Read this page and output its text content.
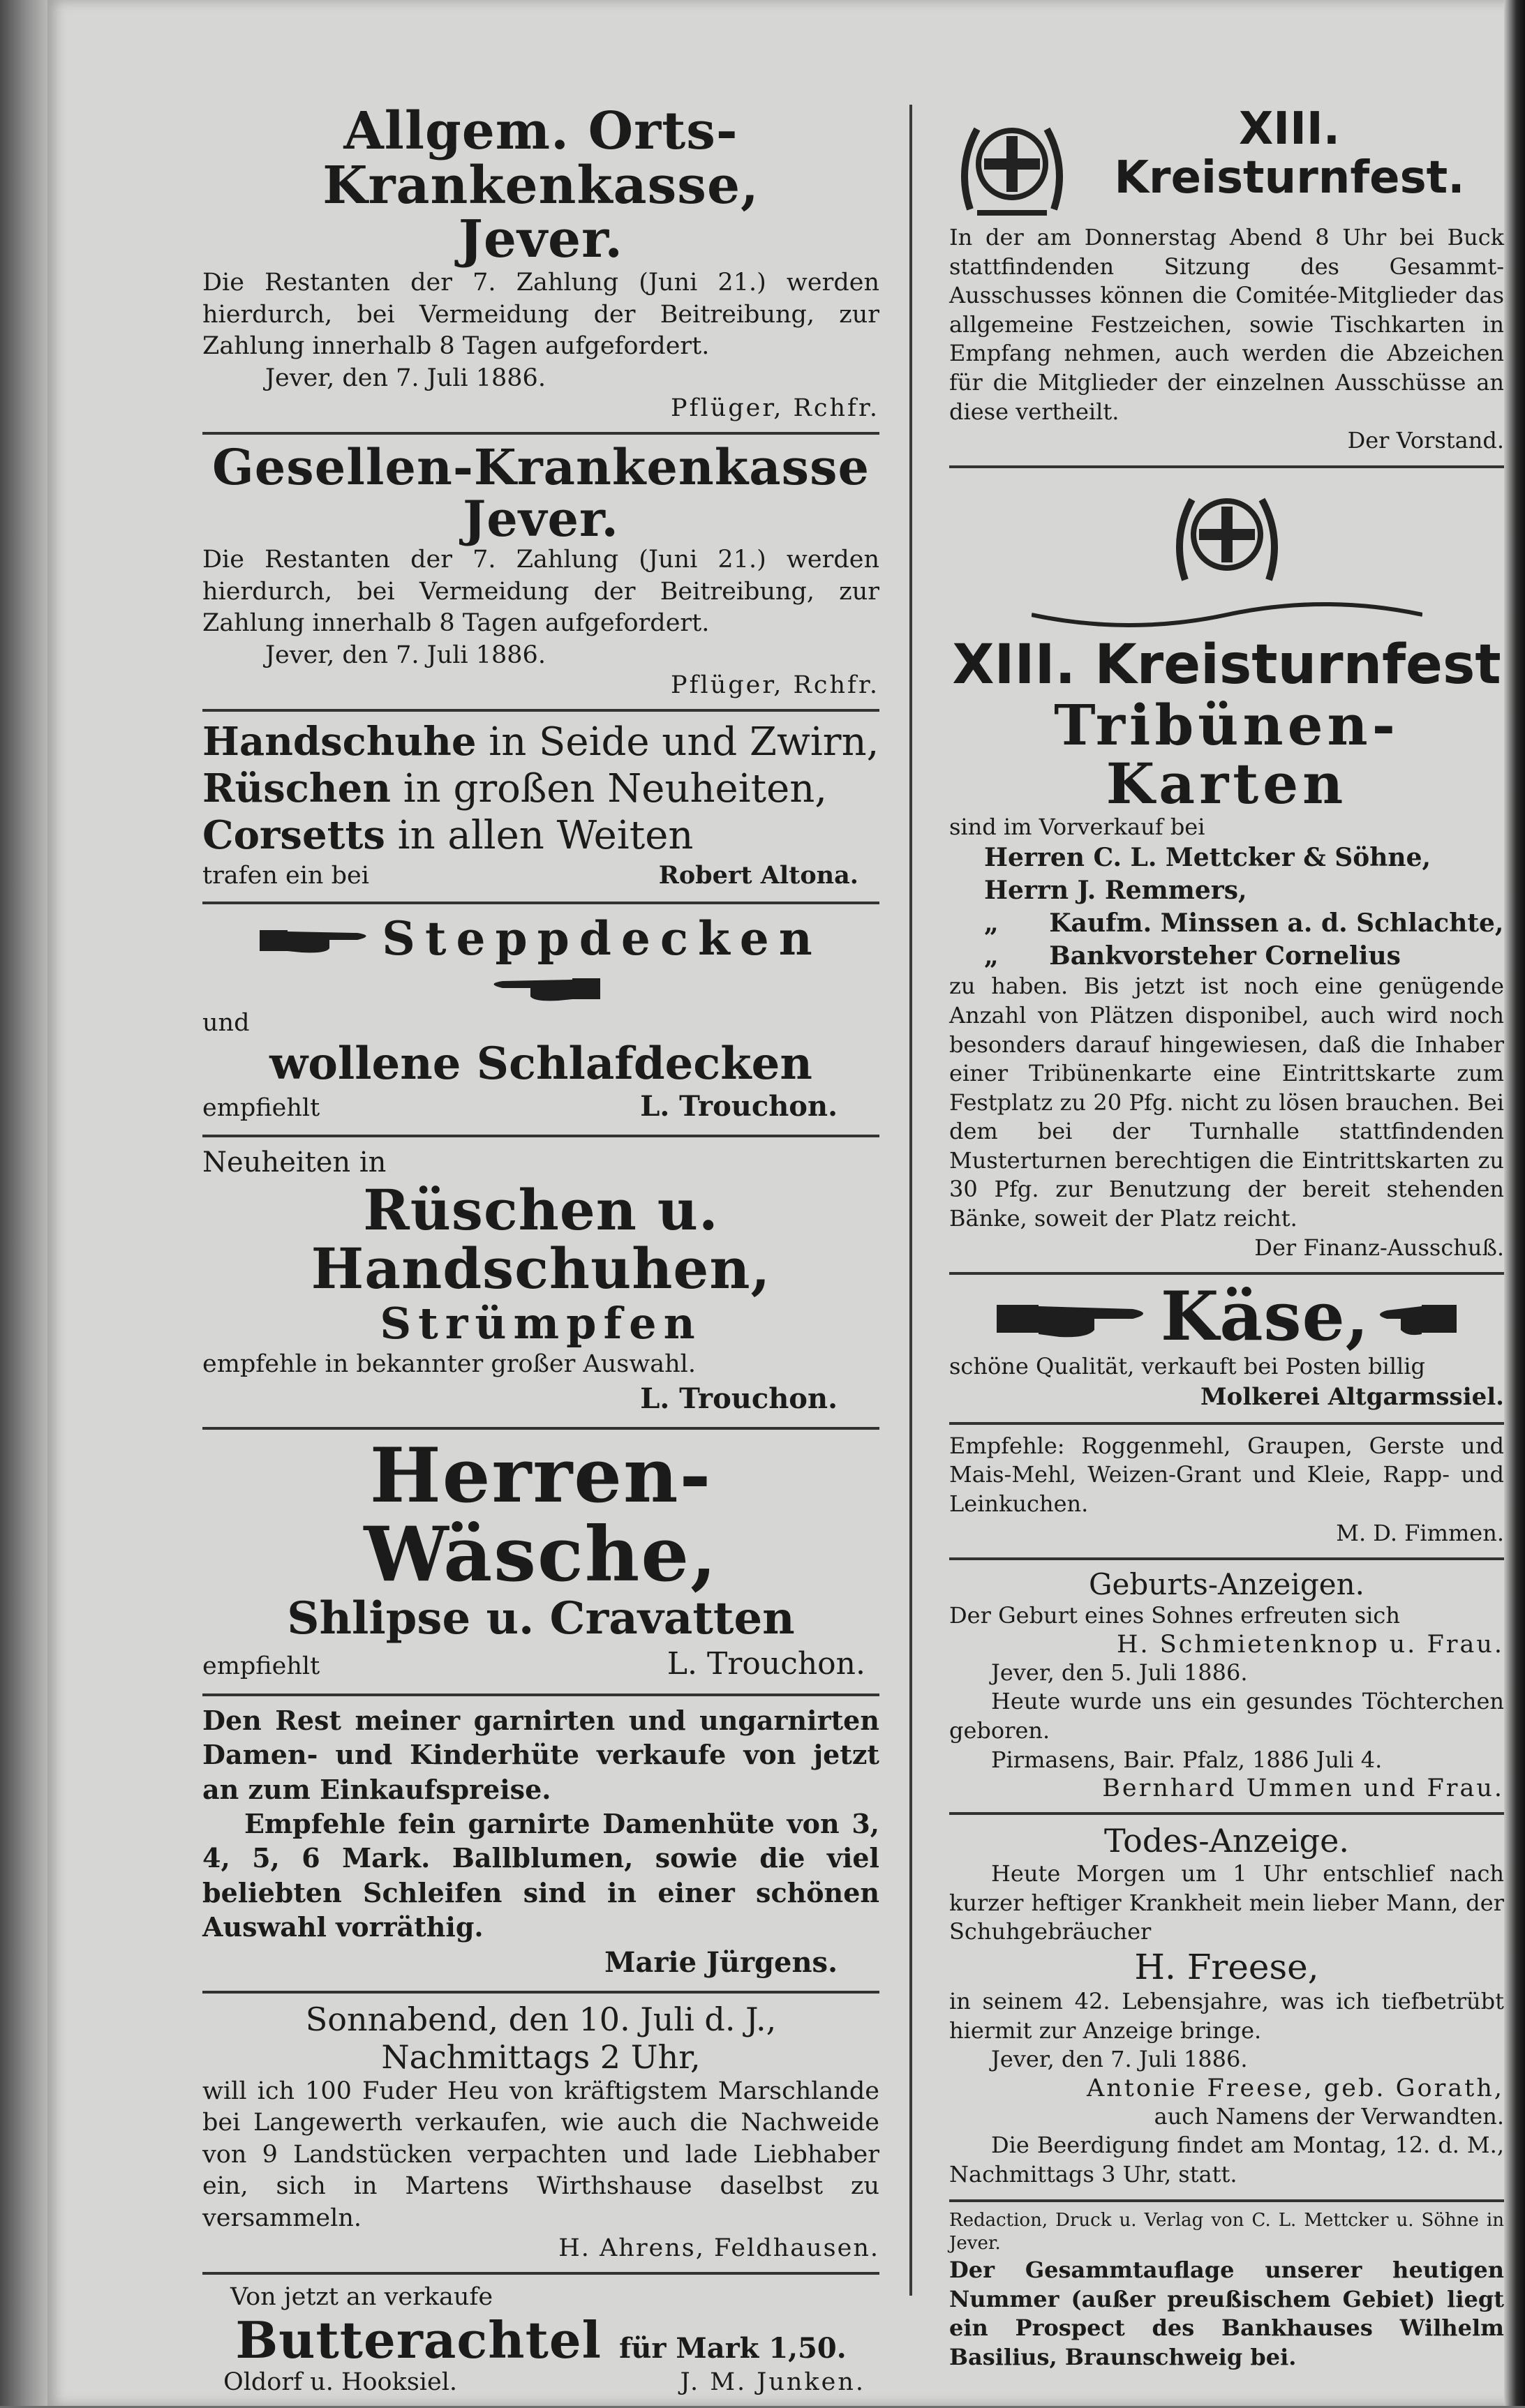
Allgem. Orts-Krankenkasse,
Jever.
Die Restanten der 7. Zahlung (Juni 21.) werden hierdurch, bei Vermeidung der Beitreibung, zur Zahlung innerhalb 8 Tagen aufgefordert.
Jever, den 7. Juli 1886.
Pflüger, Rchfr.
Gesellen-Krankenkasse Jever.
Die Restanten der 7. Zahlung (Juni 21.) werden hierdurch, bei Vermeidung der Beitreibung, zur Zahlung innerhalb 8 Tagen aufgefordert.
Jever, den 7. Juli 1886.
Pflüger, Rchfr.
Handschuhe in Seide und Zwirn,
Rüschen in großen Neuheiten,
Corsetts in allen Weiten
trafen ein bei	Robert Altona.
Steppdecken
und
wollene Schlafdecken
empfiehlt	L. Trouchon.
Neuheiten in
Rüschen u. Handschuhen,
Strümpfen
empfehle in bekannter großer Auswahl.
L. Trouchon.
Herren-Wäsche,
Shlipse u. Cravatten
empfiehlt	L. Trouchon.
Den Rest meiner garnirten und ungarnirten Damen- und Kinderhüte verkaufe von jetzt an zum Einkaufspreise.
Empfehle fein garnirte Damenhüte von 3, 4, 5, 6 Mark. Ballblumen, sowie die viel beliebten Schleifen sind in einer schönen Auswahl vorräthig.
Marie Jürgens.
Sonnabend, den 10. Juli d. J.,
Nachmittags 2 Uhr,
will ich 100 Fuder Heu von kräftigstem Marschlande bei Langewerth verkaufen, wie auch die Nachweide von 9 Landstücken verpachten und lade Liebhaber ein, sich in Martens Wirthshause daselbst zu versammeln.
H. Ahrens, Feldhausen.
Von jetzt an verkaufe
Butterachtel für Mark 1,50.
Oldorf u. Hooksiel.	J. M. Junken.
XIII. Kreisturnfest.
In der am Donnerstag Abend 8 Uhr bei Buck stattfindenden Sitzung des Gesammt-Ausschusses können die Comitée-Mitglieder das allgemeine Festzeichen, sowie Tischkarten in Empfang nehmen, auch werden die Abzeichen für die Mitglieder der einzelnen Ausschüsse an diese vertheilt.
Der Vorstand.
XIII. Kreisturnfest
Tribünen-Karten
sind im Vorverkauf bei
Herren C. L. Mettcker & Söhne,
Herrn J. Remmers,
„ Kaufm. Minssen a. d. Schlachte,
„ Bankvorsteher Cornelius
zu haben. Bis jetzt ist noch eine genügende Anzahl von Plätzen disponibel, auch wird noch besonders darauf hingewiesen, daß die Inhaber einer Tribünenkarte eine Eintrittskarte zum Festplatz zu 20 Pfg. nicht zu lösen brauchen. Bei dem bei der Turnhalle stattfindenden Musterturnen berechtigen die Eintrittskarten zu 30 Pfg. zur Benutzung der bereit stehenden Bänke, soweit der Platz reicht.
Der Finanz-Ausschuß.
Käse,
schöne Qualität, verkauft bei Posten billig
Molkerei Altgarmssiel.
Empfehle: Roggenmehl, Graupen, Gerste und Mais-Mehl, Weizen-Grant und Kleie, Rapp- und Leinkuchen.
M. D. Fimmen.
Geburts-Anzeigen.
Der Geburt eines Sohnes erfreuten sich
H. Schmietenknop u. Frau.
Jever, den 5. Juli 1886.
Heute wurde uns ein gesundes Töchterchen geboren.
Pirmasens, Bair. Pfalz, 1886 Juli 4.
Bernhard Ummen und Frau.
Todes-Anzeige.
Heute Morgen um 1 Uhr entschlief nach kurzer heftiger Krankheit mein lieber Mann, der Schuhgebräucher
H. Freese,
in seinem 42. Lebensjahre, was ich tiefbetrübt hiermit zur Anzeige bringe.
Jever, den 7. Juli 1886.
Antonie Freese, geb. Gorath,
auch Namens der Verwandten.
Die Beerdigung findet am Montag, 12. d. M., Nachmittags 3 Uhr, statt.
Redaction, Druck u. Verlag von C. L. Mettcker u. Söhne in Jever.
Der Gesammtauflage unserer heutigen Nummer (außer preußischem Gebiet) liegt ein Prospect des Bankhauses Wilhelm Basilius, Braunschweig bei.
